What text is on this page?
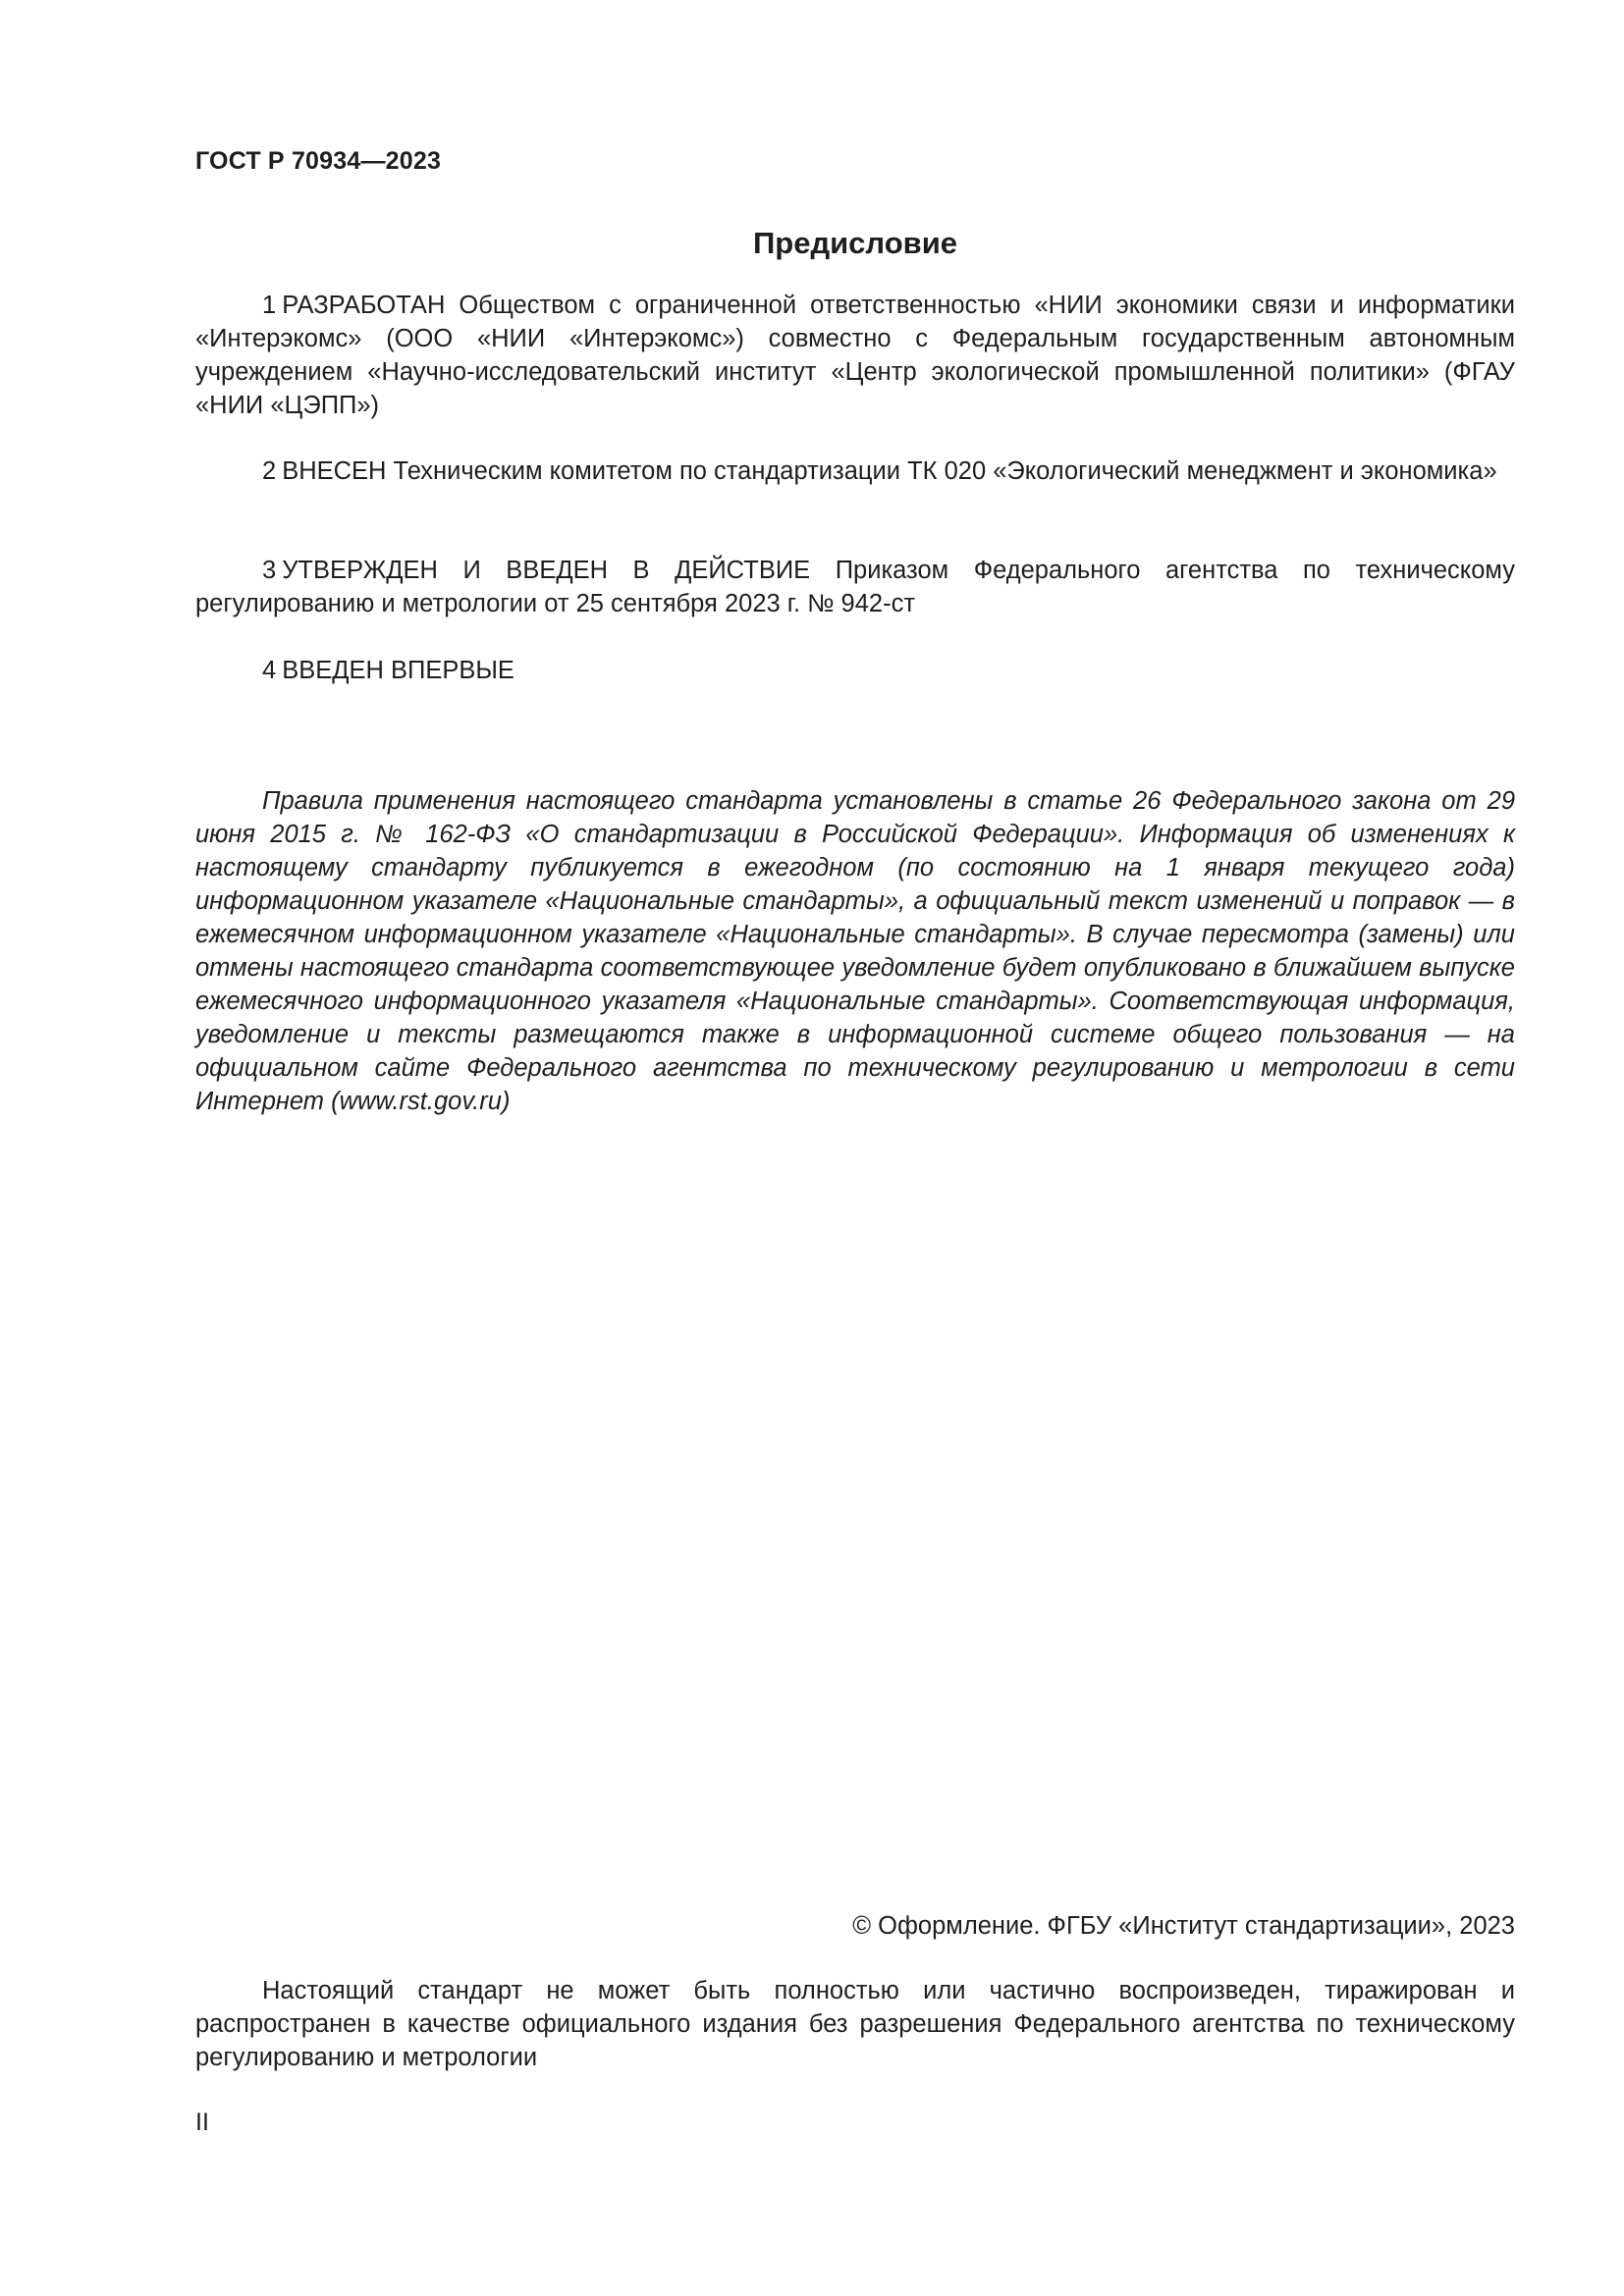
ГОСТ Р 70934—2023

Предисловие

1 РАЗРАБОТАН Обществом с ограниченной ответственностью «НИИ экономики связи и информатики «Интерэкомс» (ООО «НИИ «Интерэкомс») совместно с Федеральным государственным автономным учреждением «Научно-исследовательский институт «Центр экологической промышленной политики» (ФГАУ «НИИ «ЦЭПП»)

2 ВНЕСЕН Техническим комитетом по стандартизации ТК 020 «Экологический менеджмент и экономика»

3 УТВЕРЖДЕН И ВВЕДЕН В ДЕЙСТВИЕ Приказом Федерального агентства по техническому регулированию и метрологии от 25 сентября 2023 г. № 942-ст

4 ВВЕДЕН ВПЕРВЫЕ

Правила применения настоящего стандарта установлены в статье 26 Федерального закона от 29 июня 2015 г. № 162-ФЗ «О стандартизации в Российской Федерации». Информация об изменениях к настоящему стандарту публикуется в ежегодном (по состоянию на 1 января текущего года) информационном указателе «Национальные стандарты», а официальный текст изменений и поправок — в ежемесячном информационном указателе «Национальные стандарты». В случае пересмотра (замены) или отмены настоящего стандарта соответствующее уведомление будет опубликовано в ближайшем выпуске ежемесячного информационного указателя «Национальные стандарты». Соответствующая информация, уведомление и тексты размещаются также в информационной системе общего пользования — на официальном сайте Федерального агентства по техническому регулированию и метрологии в сети Интернет (www.rst.gov.ru)

© Оформление. ФГБУ «Институт стандартизации», 2023

Настоящий стандарт не может быть полностью или частично воспроизведен, тиражирован и распространен в качестве официального издания без разрешения Федерального агентства по техническому регулированию и метрологии

II
